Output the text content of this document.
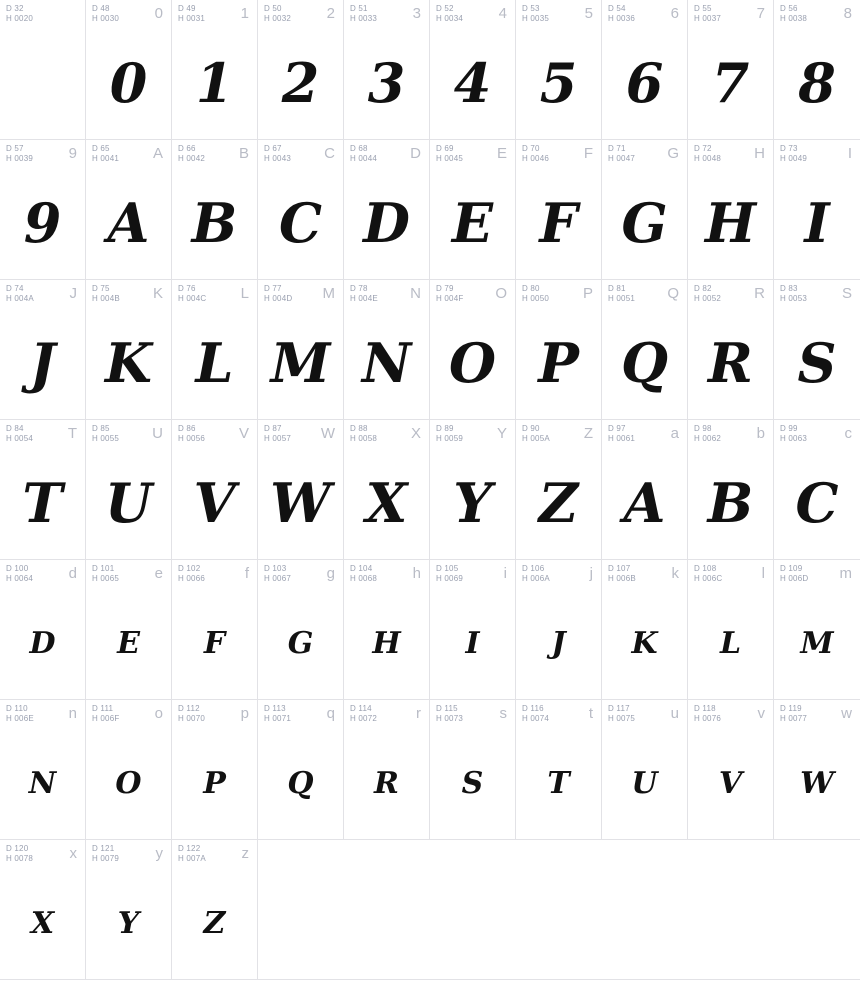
D 32
H 0020
D 48
H 0030 0
0
D 49
H 0031 1
1
D 50
H 0032 2
2
D 51
H 0033 3
3
D 52
H 0034 4
4
D 53
H 0035 5
5
D 54
H 0036 6
6
D 55
H 0037 7
7
D 56
H 0038 8
8
D 57
H 0039 9
9
D 65
H 0041 A
A
D 66
H 0042 B
B
D 67
H 0043 C
C
D 68
H 0044 D
D
D 69
H 0045 E
E
D 70
H 0046 F
F
D 71
H 0047 G
G
D 72
H 0048 H
H
D 73
H 0049	I
I
D 74
H 004A J
J
D 75
H 004B K
K
D 76
H 004C L
L
D 77
H 004D M
M
D 78
H 004E N
N
D 79
H 004F O
O
D 80
H 0050 P
P
D 81
H 0051 Q
Q
D 82
H 0052 R
R
D 83
H 0053 S
S
D 84
H 0054 T
T
D 85
H 0055 U
U
D 86
H 0056 V
V
D 87
H 0057 W
W
D 88
H 0058 X
X
D 89
H 0059 Y
Y
D 90
H 005A Z
Z
D 97
H 0061 a
A
D 98
H 0062 b
B
D 99
H 0063	c
C
D 100
H 0064 d
D
D 101
H 0065 e
E
D 102
H 0066	f
F
D 103
H 0067 g
G
D 104
H 0068 h
H
D 105
H 0069	i
I
D 106
H 006A	j
J
D 107
H 006B k
K
D 108
H 006C	l
L
D 109
H 006D m
M
D 110
H 006E n
N
D 111
H 006F o
O
D 112
H 0070 p
P
D 113
H 0071 q
Q
D 114
H 0072	r
R
D 115
H 0073 s
S
D 116
H 0074	t
T
D 117
H 0075 u
U
D 118
H 0076 v
V
D 119
H 0077 w
W
D 120
H 0078 x
X
D 121
H 0079 y
Y
D 122
H 007A z
Z
